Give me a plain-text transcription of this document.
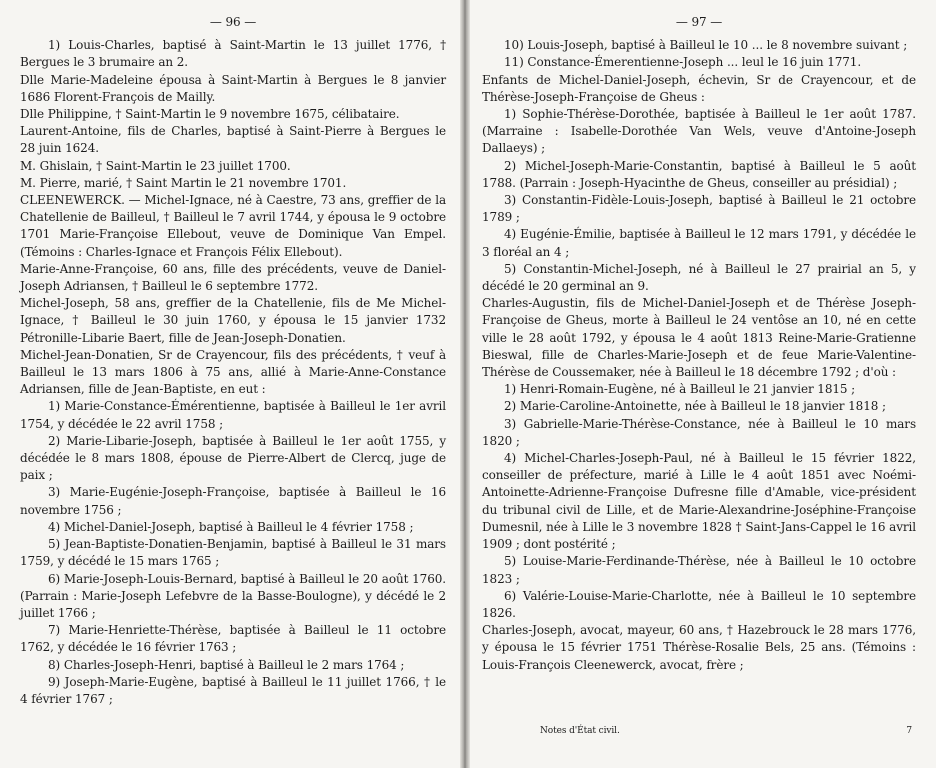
— 96 —

1) Louis-Charles, baptisé à Saint-Martin le 13 juillet 1776, † Bergues le 3 brumaire an 2.

Dlle Marie-Madeleine épousa à Saint-Martin à Bergues le 8 janvier 1686 Florent-François de Mailly.

Dlle Philippine, † Saint-Martin le 9 novembre 1675, célibataire.

Laurent-Antoine, fils de Charles, baptisé à Saint-Pierre à Bergues le 28 juin 1624.

M. Ghislain, † Saint-Martin le 23 juillet 1700.

M. Pierre, marié, † Saint Martin le 21 novembre 1701.

CLEENEWERCK. — Michel-Ignace, né à Caestre, 73 ans, greffier de la Chatellenie de Bailleul, † Bailleul le 7 avril 1744, y épousa le 9 octobre 1701 Marie-Françoise Ellebout, veuve de Dominique Van Empel. (Témoins : Charles-Ignace et François Félix Ellebout).

Marie-Anne-Françoise, 60 ans, fille des précédents, veuve de Daniel-Joseph Adriansen, † Bailleul le 6 septembre 1772.

Michel-Joseph, 58 ans, greffier de la Chatellenie, fils de Me Michel-Ignace, † Bailleul le 30 juin 1760, y épousa le 15 janvier 1732 Pétronille-Libarie Baert, fille de Jean-Joseph-Donatien.

Michel-Jean-Donatien, Sr de Crayencour, fils des précédents, † veuf à Bailleul le 13 mars 1806 à 75 ans, allié à Marie-Anne-Constance Adriansen, fille de Jean-Baptiste, en eut :

1) Marie-Constance-Émérentienne, baptisée à Bailleul le 1er avril 1754, y décédée le 22 avril 1758 ;

2) Marie-Libarie-Joseph, baptisée à Bailleul le 1er août 1755, y décédée le 8 mars 1808, épouse de Pierre-Albert de Clercq, juge de paix ;

3) Marie-Eugénie-Joseph-Françoise, baptisée à Bailleul le 16 novembre 1756 ;

4) Michel-Daniel-Joseph, baptisé à Bailleul le 4 février 1758 ;

5) Jean-Baptiste-Donatien-Benjamin, baptisé à Bailleul le 31 mars 1759, y décédé le 15 mars 1765 ;

6) Marie-Joseph-Louis-Bernard, baptisé à Bailleul le 20 août 1760. (Parrain : Marie-Joseph Lefebvre de la Basse-Boulogne), y décédé le 2 juillet 1766 ;

7) Marie-Henriette-Thérèse, baptisée à Bailleul le 11 octobre 1762, y décédée le 16 février 1763 ;

8) Charles-Joseph-Henri, baptisé à Bailleul le 2 mars 1764 ;

9) Joseph-Marie-Eugène, baptisé à Bailleul le 11 juillet 1766, † le 4 février 1767 ;

— 97 —

10) Louis-Joseph, baptisé à Bailleul le 10 ... le 8 novembre suivant ;

11) Constance-Émerentienne-Joseph ... leul le 16 juin 1771.

Enfants de Michel-Daniel-Joseph, échevin, Sr de Crayencour, et de Thérèse-Joseph-Françoise de Gheus :

1) Sophie-Thérèse-Dorothée, baptisée à Bailleul le 1er août 1787. (Marraine : Isabelle-Dorothée Van Wels, veuve d'Antoine-Joseph Dallaeys) ;

2) Michel-Joseph-Marie-Constantin, baptisé à Bailleul le 5 août 1788. (Parrain : Joseph-Hyacinthe de Gheus, conseiller au présidial) ;

3) Constantin-Fidèle-Louis-Joseph, baptisé à Bailleul le 21 octobre 1789 ;

4) Eugénie-Émilie, baptisée à Bailleul le 12 mars 1791, y décédée le 3 floréal an 4 ;

5) Constantin-Michel-Joseph, né à Bailleul le 27 prairial an 5, y décédé le 20 germinal an 9.

Charles-Augustin, fils de Michel-Daniel-Joseph et de Thérèse Joseph-Françoise de Gheus, morte à Bailleul le 24 ventôse an 10, né en cette ville le 28 août 1792, y épousa le 4 août 1813 Reine-Marie-Gratienne Bieswal, fille de Charles-Marie-Joseph et de feue Marie-Valentine-Thérèse de Coussemaker, née à Bailleul le 18 décembre 1792 ; d'où :

1) Henri-Romain-Eugène, né à Bailleul le 21 janvier 1815 ;

2) Marie-Caroline-Antoinette, née à Bailleul le 18 janvier 1818 ;

3) Gabrielle-Marie-Thérèse-Constance, née à Bailleul le 10 mars 1820 ;

4) Michel-Charles-Joseph-Paul, né à Bailleul le 15 février 1822, conseiller de préfecture, marié à Lille le 4 août 1851 avec Noémi-Antoinette-Adrienne-Françoise Dufresne fille d'Amable, vice-président du tribunal civil de Lille, et de Marie-Alexandrine-Joséphine-Françoise Dumesnil, née à Lille le 3 novembre 1828 † Saint-Jans-Cappel le 16 avril 1909 ; dont postérité ;

5) Louise-Marie-Ferdinande-Thérèse, née à Bailleul le 10 octobre 1823 ;

6) Valérie-Louise-Marie-Charlotte, née à Bailleul le 10 septembre 1826.

Charles-Joseph, avocat, mayeur, 60 ans, † Hazebrouck le 28 mars 1776, y épousa le 15 février 1751 Thérèse-Rosalie Bels, 25 ans. (Témoins : Louis-François Cleenewerck, avocat, frère ;

Notes d'État civil.	7
